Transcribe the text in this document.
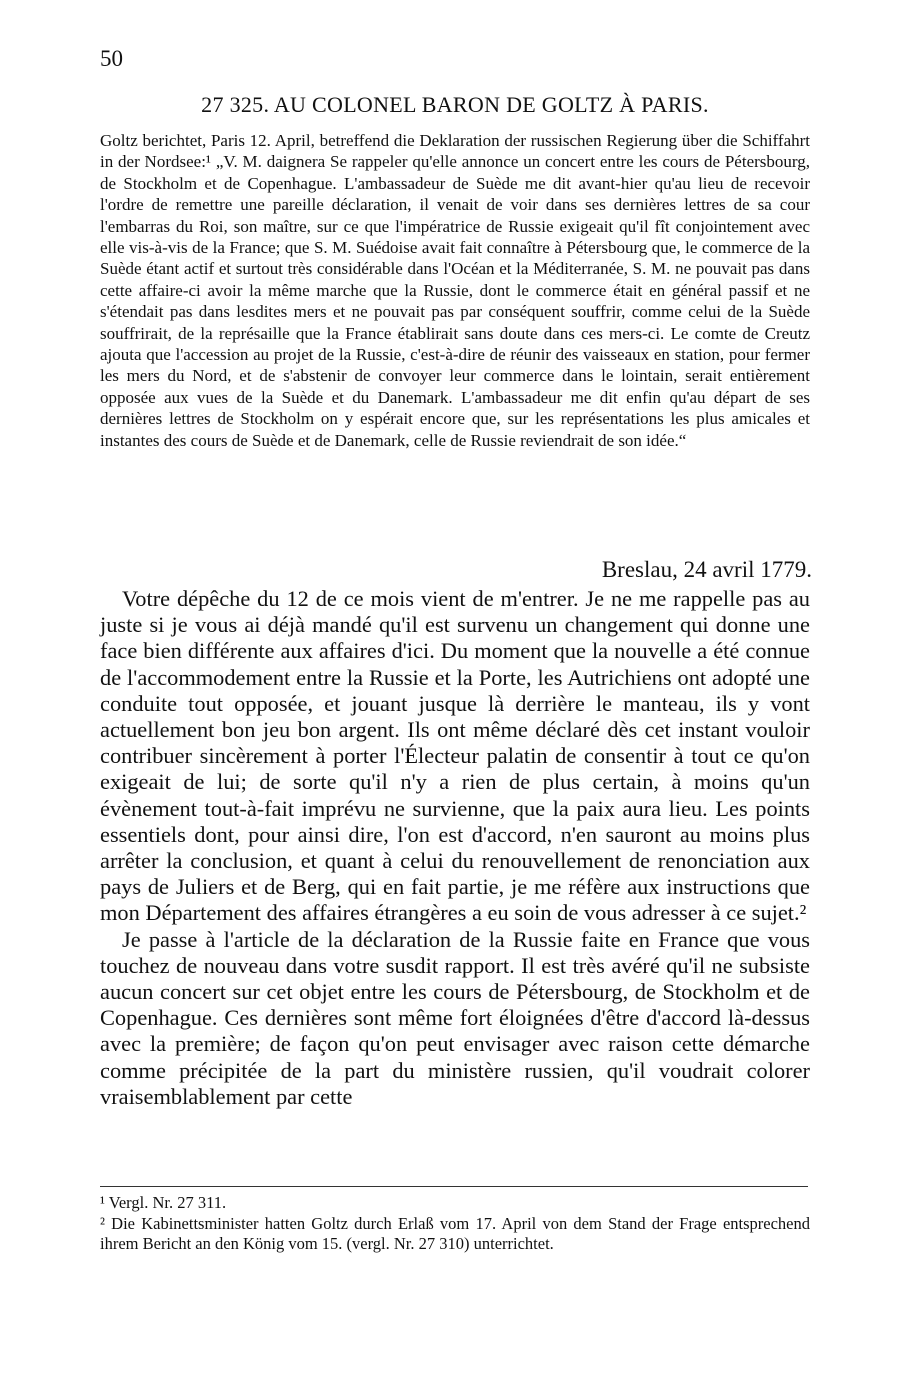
50
27 325. AU COLONEL BARON DE GOLTZ À PARIS.
Goltz berichtet, Paris 12. April, betreffend die Deklaration der russischen Regierung über die Schiffahrt in der Nordsee:¹ „V. M. daignera Se rappeler qu'elle annonce un concert entre les cours de Pétersbourg, de Stockholm et de Copenhague. L'ambassadeur de Suède me dit avant-hier qu'au lieu de recevoir l'ordre de remettre une pareille déclaration, il venait de voir dans ses dernières lettres de sa cour l'embarras du Roi, son maître, sur ce que l'impératrice de Russie exigeait qu'il fît conjointement avec elle vis-à-vis de la France; que S. M. Suédoise avait fait connaître à Pétersbourg que, le commerce de la Suède étant actif et surtout très considérable dans l'Océan et la Méditerranée, S. M. ne pouvait pas dans cette affaire-ci avoir la même marche que la Russie, dont le commerce était en général passif et ne s'étendait pas dans lesdites mers et ne pouvait pas par conséquent souffrir, comme celui de la Suède souffrirait, de la représaille que la France établirait sans doute dans ces mers-ci. Le comte de Creutz ajouta que l'accession au projet de la Russie, c'est-à-dire de réunir des vaisseaux en station, pour fermer les mers du Nord, et de s'abstenir de convoyer leur commerce dans le lointain, serait entièrement opposée aux vues de la Suède et du Danemark. L'ambassadeur me dit enfin qu'au départ de ses dernières lettres de Stockholm on y espérait encore que, sur les représentations les plus amicales et instantes des cours de Suède et de Danemark, celle de Russie reviendrait de son idée.“
Breslau, 24 avril 1779.

Votre dépêche du 12 de ce mois vient de m'entrer. Je ne me rappelle pas au juste si je vous ai déjà mandé qu'il est survenu un changement qui donne une face bien différente aux affaires d'ici. Du moment que la nouvelle a été connue de l'accommodement entre la Russie et la Porte, les Autrichiens ont adopté une conduite tout opposée, et jouant jusque là derrière le manteau, ils y vont actuellement bon jeu bon argent. Ils ont même déclaré dès cet instant vouloir contribuer sincèrement à porter l'Électeur palatin de consentir à tout ce qu'on exigeait de lui; de sorte qu'il n'y a rien de plus certain, à moins qu'un évènement tout-à-fait imprévu ne survienne, que la paix aura lieu. Les points essentiels dont, pour ainsi dire, l'on est d'accord, n'en sauront au moins plus arrêter la conclusion, et quant à celui du renouvellement de renonciation aux pays de Juliers et de Berg, qui en fait partie, je me réfère aux instructions que mon Département des affaires étrangères a eu soin de vous adresser à ce sujet.²

Je passe à l'article de la déclaration de la Russie faite en France que vous touchez de nouveau dans votre susdit rapport. Il est très avéré qu'il ne subsiste aucun concert sur cet objet entre les cours de Pétersbourg, de Stockholm et de Copenhague. Ces dernières sont même fort éloignées d'être d'accord là-dessus avec la première; de façon qu'on peut envisager avec raison cette démarche comme précipitée de la part du ministère russien, qu'il voudrait colorer vraisemblablement par cette

¹ Vergl. Nr. 27 311.

² Die Kabinettsminister hatten Goltz durch Erlaß vom 17. April von dem Stand der Frage entsprechend ihrem Bericht an den König vom 15. (vergl. Nr. 27 310) unterrichtet.
